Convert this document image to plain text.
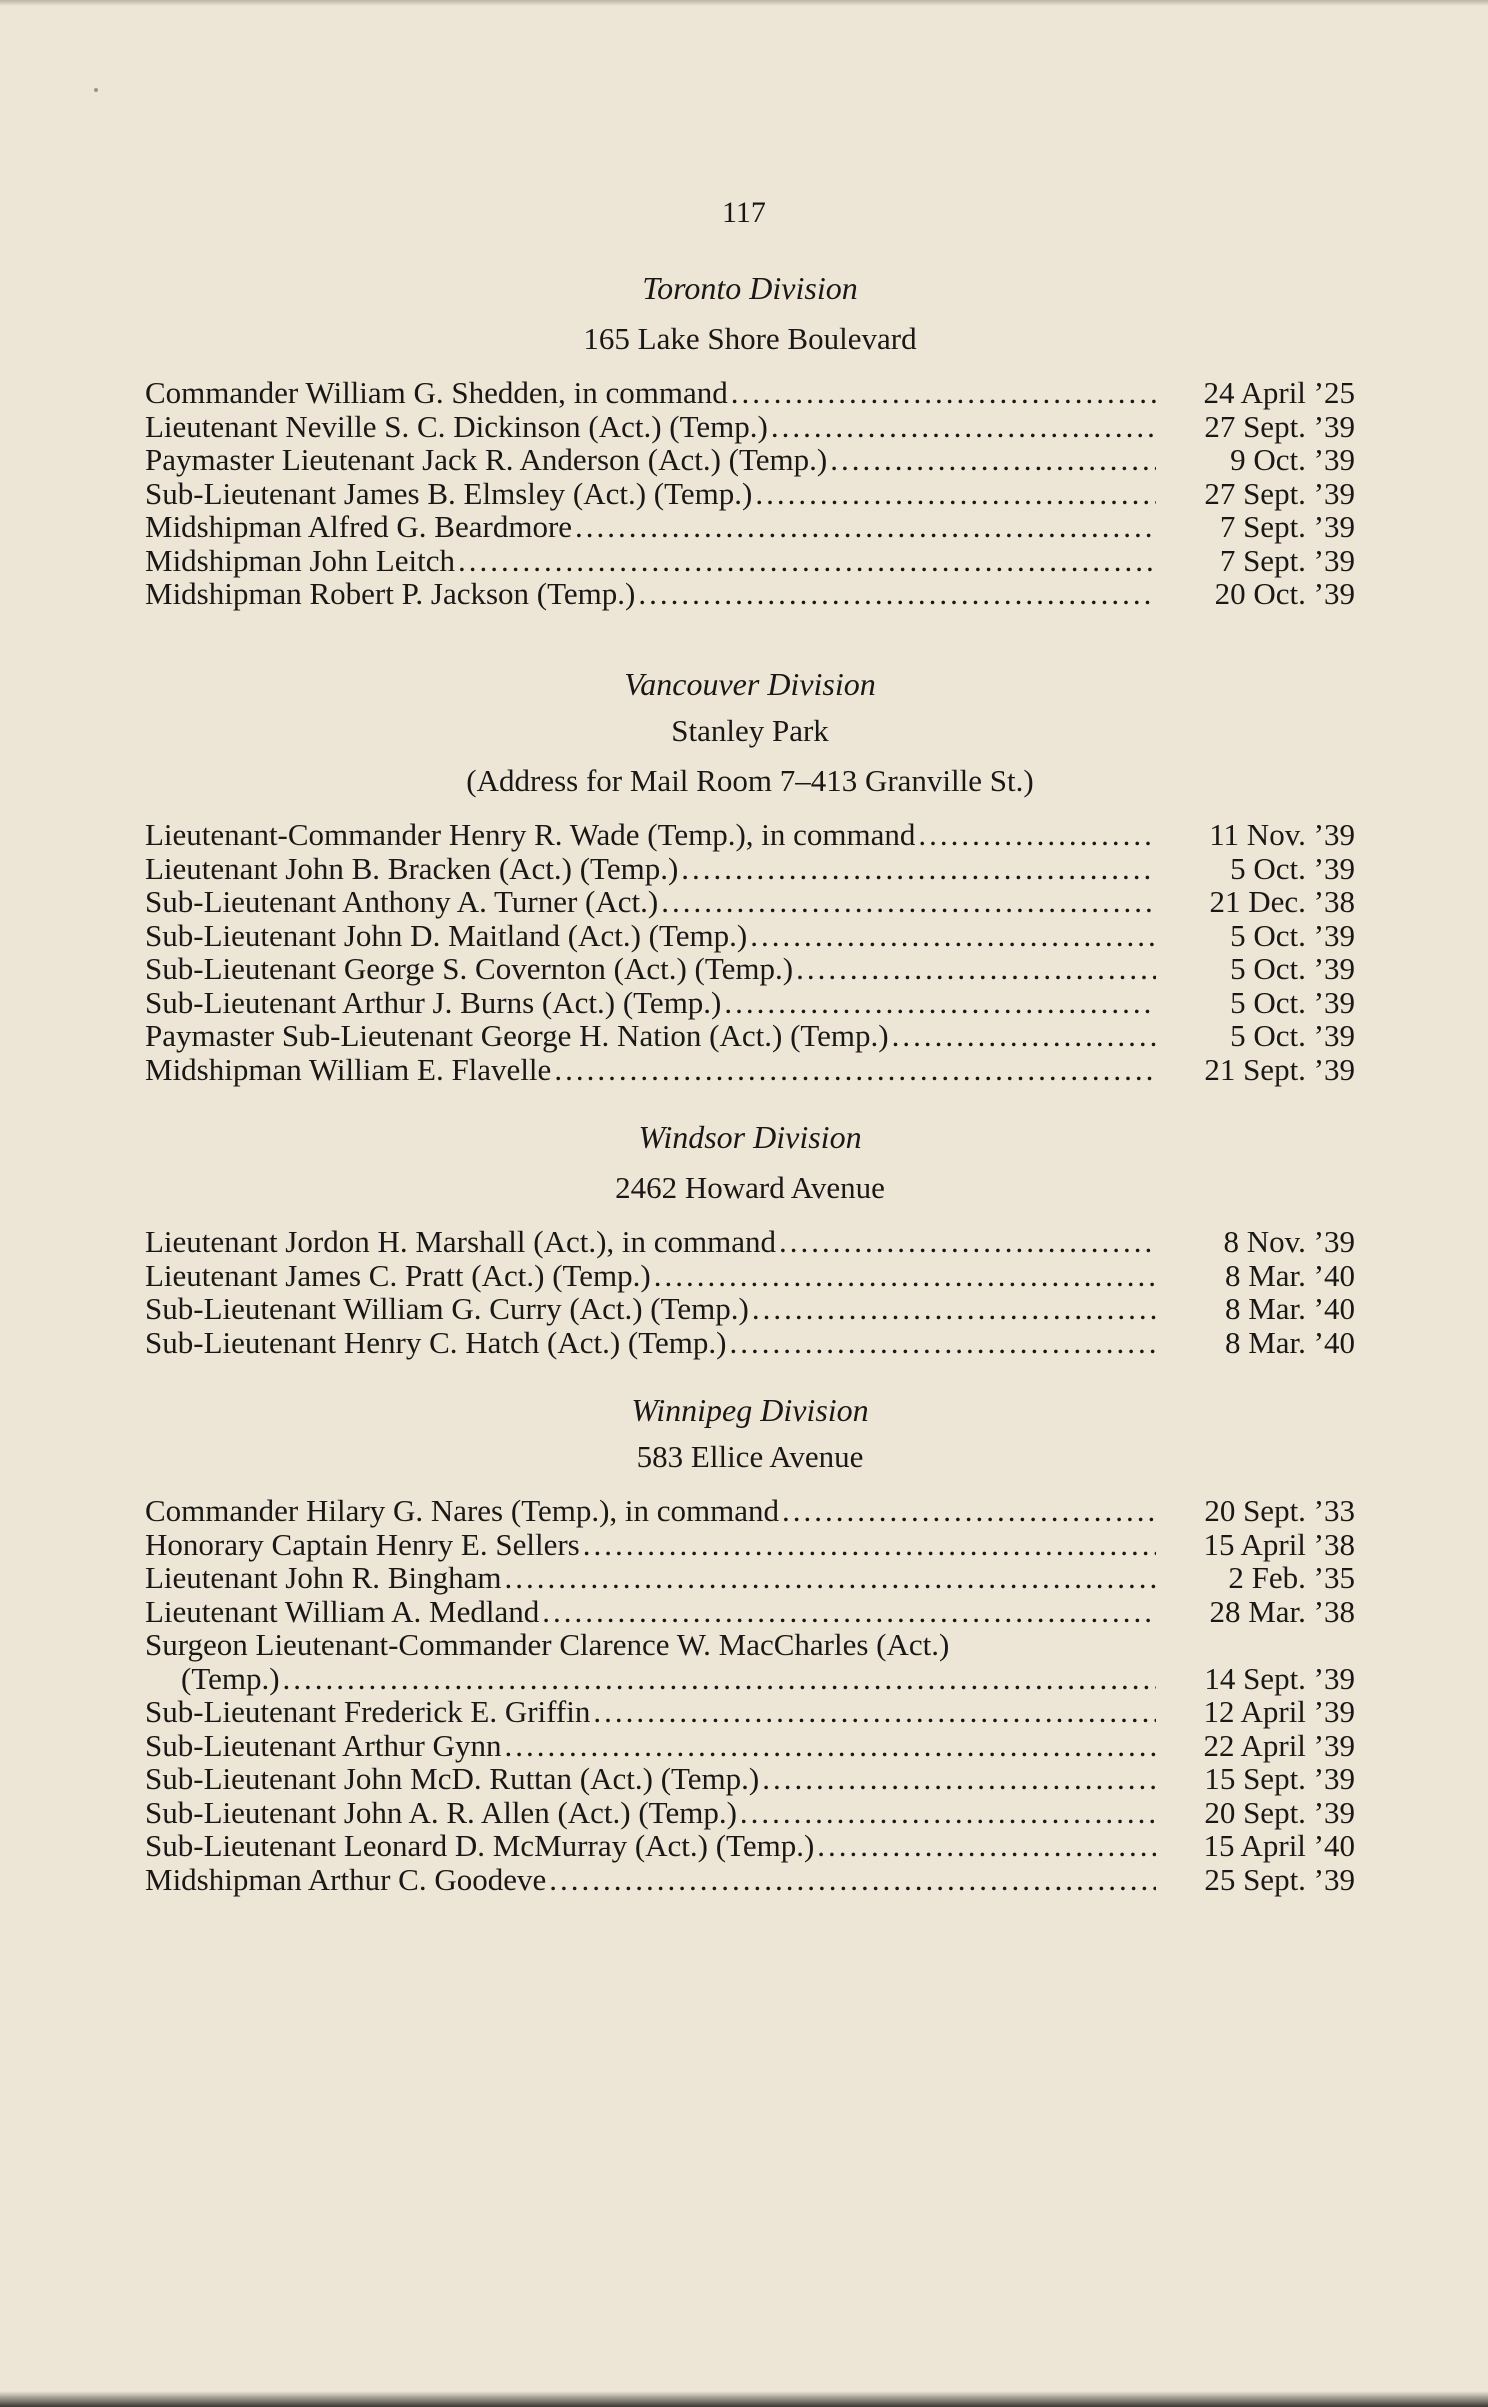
117
Toronto Division
165 Lake Shore Boulevard
Commander William G. Shedden, in command .....	24 April ’25
Lieutenant Neville S. C. Dickinson (Act.) (Temp.) .....	27 Sept. ’39
Paymaster Lieutenant Jack R. Anderson (Act.) (Temp.) .....	9 Oct. ’39
Sub-Lieutenant James B. Elmsley (Act.) (Temp.) .....	27 Sept. ’39
Midshipman Alfred G. Beardmore .....	7 Sept. ’39
Midshipman John Leitch .....	7 Sept. ’39
Midshipman Robert P. Jackson (Temp.) .....	20 Oct. ’39
Vancouver Division
Stanley Park
(Address for Mail Room 7–413 Granville St.)
Lieutenant-Commander Henry R. Wade (Temp.), in command .....	11 Nov. ’39
Lieutenant John B. Bracken (Act.) (Temp.) .....	5 Oct. ’39
Sub-Lieutenant Anthony A. Turner (Act.) .....	21 Dec. ’38
Sub-Lieutenant John D. Maitland (Act.) (Temp.) .....	5 Oct. ’39
Sub-Lieutenant George S. Covernton (Act.) (Temp.) .....	5 Oct. ’39
Sub-Lieutenant Arthur J. Burns (Act.) (Temp.) .....	5 Oct. ’39
Paymaster Sub-Lieutenant George H. Nation (Act.) (Temp.) .....	5 Oct. ’39
Midshipman William E. Flavelle .....	21 Sept. ’39
Windsor Division
2462 Howard Avenue
Lieutenant Jordon H. Marshall (Act.), in command .....	8 Nov. ’39
Lieutenant James C. Pratt (Act.) (Temp.) .....	8 Mar. ’40
Sub-Lieutenant William G. Curry (Act.) (Temp.) .....	8 Mar. ’40
Sub-Lieutenant Henry C. Hatch (Act.) (Temp.) .....	8 Mar. ’40
Winnipeg Division
583 Ellice Avenue
Commander Hilary G. Nares (Temp.), in command .....	20 Sept. ’33
Honorary Captain Henry E. Sellers .....	15 April ’38
Lieutenant John R. Bingham .....	2 Feb. ’35
Lieutenant William A. Medland .....	28 Mar. ’38
Surgeon Lieutenant-Commander Clarence W. MacCharles (Act.)
(Temp.) .....	14 Sept. ’39
Sub-Lieutenant Frederick E. Griffin .....	12 April ’39
Sub-Lieutenant Arthur Gynn .....	22 April ’39
Sub-Lieutenant John McD. Ruttan (Act.) (Temp.) .....	15 Sept. ’39
Sub-Lieutenant John A. R. Allen (Act.) (Temp.) .....	20 Sept. ’39
Sub-Lieutenant Leonard D. McMurray (Act.) (Temp.) .....	15 April ’40
Midshipman Arthur C. Goodeve .....	25 Sept. ’39
